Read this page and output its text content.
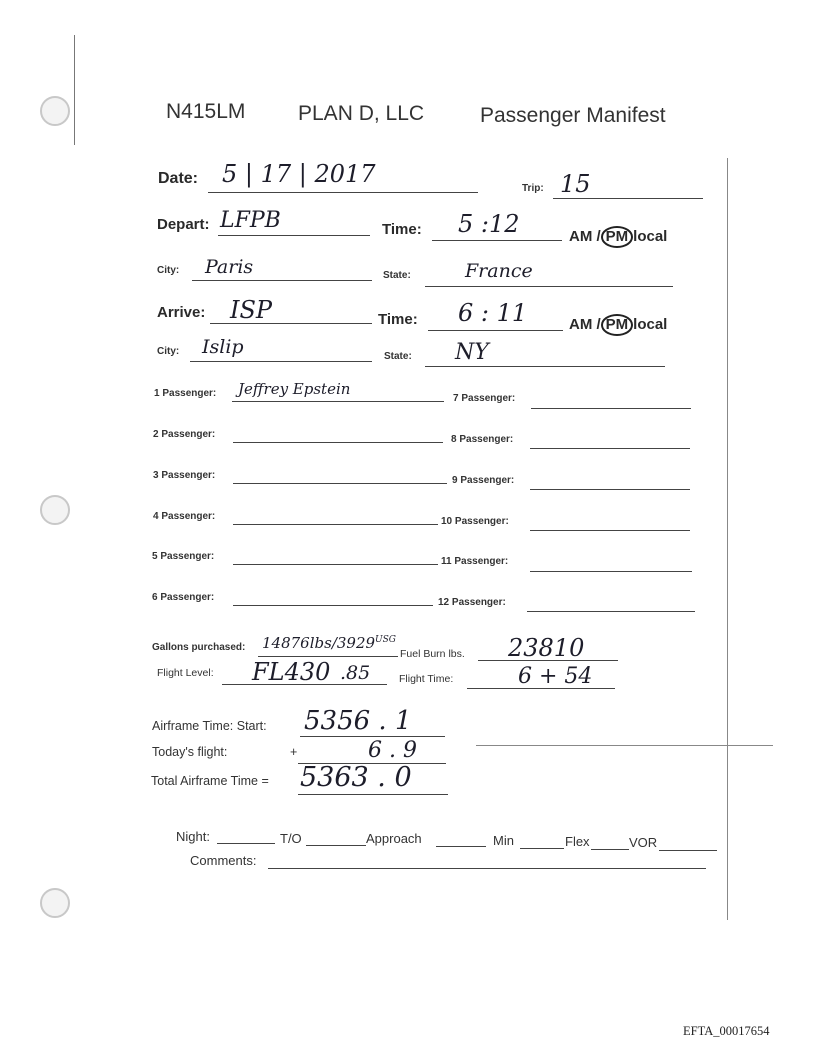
N415LM	PLAN D, LLC	Passenger Manifest
Date: 5 | 17 | 2017
Trip: 15
Depart: LFPB	Time: 5 :12	AM / PM local
City: Paris	State:	France
Arrive: ISP	Time: 6 : 11	AM / PM local
City: Islip	State: NY
1 Passenger: Jeffrey Epstein
2 Passenger:
3 Passenger:
4 Passenger:
5 Passenger:
6 Passenger:
7 Passenger:
8 Passenger:
9 Passenger:
10 Passenger:
11 Passenger:
12 Passenger:
Gallons purchased: $14876lbs/3929^{USG}$
Fuel Burn lbs. 23810
Flight Level: FL430 .85	Flight Time:	6 + 54
Airframe Time: Start: 5356 . 1
Today's flight:	+	6 . 9
Total Airframe Time = 5363 . 0
Night:	T/O	Approach	Min	Flex	VOR
Comments:
EFTA_00017654
